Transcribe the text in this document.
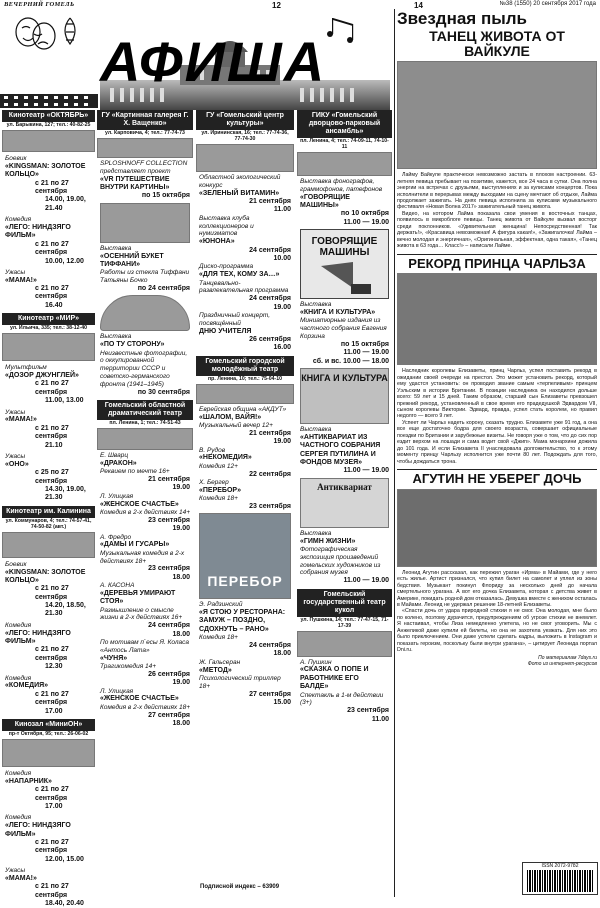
ВЕЧЕРНИЙ ГОМЕЛЬ	12	14	№38 (1550) 20 сентября 2017 года
АФИША
Кинотеатр «ОКТЯБРЬ»
ул. Барыкина, 127; тел.: 40-82-25
Боевик
«KINGSMAN: ЗОЛОТОЕ КОЛЬЦО»
с 21 по 27 сентября
14.00, 19.00, 21.40
Комедия
«ЛЕГО: НИНДЗЯГО ФИЛЬМ»
с 21 по 27 сентября
10.00, 12.00
Ужасы
«МАМА!»
с 21 по 27 сентября
16.40
Кинотеатр «МИР»
ул. Ильича, 335; тел.: 38-12-40
Мультфильм
«ДОЗОР ДЖУНГЛЕЙ»
с 21 по 27 сентября
11.00, 13.00
Ужасы
«МАМА!»
с 21 по 27 сентября
21.10
Ужасы
«ОНО»
с 25 по 27 сентября
14.30, 19.00, 21.30
Кинотеатр им. Калинина
ул. Коммунаров, 4; тел.: 74-57-41, 74-50-82 (авт.)
Боевик
«KINGSMAN: ЗОЛОТОЕ КОЛЬЦО»
с 21 по 27 сентября
14.20, 18.50, 21.30
Комедия
«ЛЕГО: НИНДЗЯГО ФИЛЬМ»
с 21 по 27 сентября
12.30
Комедия
«КОМЕДИЯ»
с 21 по 27 сентября
17.00
Кинозал «МиниОН»
пр-т Октября, 95; тел.: 26-06-02
Комедия
«НАПАРНИК»
с 21 по 27 сентября
17.00
Комедия
«ЛЕГО: НИНДЗЯГО ФИЛЬМ»
с 21 по 27 сентября
12.00, 15.00
Ужасы
«МАМА!»
с 21 по 27 сентября
18.40, 20.40
ГУ «Картинная галерея Г. Х. Ващенко»
ул. Карповича, 4; тел.: 77-74-73
SPLOSHNOFF COLLECTION
представляет проект
«VR ПУТЕШЕСТВИЕ ВНУТРИ КАРТИНЫ»
по 15 октября
Выставка
«ОСЕННИЙ БУКЕТ ТИФФАНИ»
Работы из стекла Тиффани Татьяны Бочко
по 24 сентября
Выставка
«ПО ТУ СТОРОНУ»
Неизвестные фотографии, о оккупированной территории СССР и советско-германского фронта (1941–1945)
по 30 сентября
Гомельский областной драматический театр
пл. Ленина, 1; тел.: 74-51-43
Е. Шварц
«ДРАКОН»
Реквием по мечте 16+
21 сентября
19.00
Л. Улицкая
«ЖЕНСКОЕ СЧАСТЬЕ»
Комедия в 2-х действиях 14+
23 сентября
19.00
А. Фредро
«ДАМЫ И ГУСАРЫ»
Музыкальная комедия в 2-х действиях 18+
23 сентября
18.00
А. КАСОНА
«ДЕРЕВЬЯ УМИРАЮТ СТОЯ»
Размышление о смысле жизни в 2-х действиях 16+
24 сентября
18.00
По мотивам п`есы Я. Коласа «Антось Лата»
«ЧУНЯ»
Трагикомедия 14+
26 сентября
19.00
Л. Улицкая
«ЖЕНСКОЕ СЧАСТЬЕ»
Комедия в 2-х действиях 18+
27 сентября
18.00
ГУ «Гомельский центр культуры»
ул. Ирининская, 16; тел.: 77-74-36, 77-74-30
Областной экологический конкурс
«ЗЕЛЕНЫЙ ВИТАМИН»
21 сентября
11.00
Выставка клуба коллекционеров и нумизматов
«ЮНОНА»
24 сентября
10.00
Диско-программа
«ДЛЯ ТЕХ, КОМУ ЗА…»
Танцевально-развлекательная программа
24 сентября
19.00
Праздничный концерт, посвящённый
ДНЮ УЧИТЕЛЯ
26 сентября
16.00
Гомельский городской молодёжный театр
пр. Ленина, 10; тел.: 75-04-10
Еврейская община «АКДУТ»
«ШАЛОМ, ВАЙЯ!»
Музыкальный вечер 12+
21 сентября
19.00
В. Рудов
«НЕКОМЕДИЯ»
Комедия 12+
22 сентября
Х. Бергер
«ПЕРЕБОР»
Комедия 18+
23 сентября
ПЕРЕБОР
Э. Радзинский
«Я СТОЮ У РЕСТОРАНА: ЗАМУЖ – ПОЗДНО, СДОХНУТЬ – РАНО»
Комедия 18+
24 сентября
18.00
Ж. Гальсеран
«МЕТОД»
Психологический триллер 18+
27 сентября
15.00
ГИКУ «Гомельский дворцово-парковый ансамбль»
пл. Ленина, 4; тел.: 74-09-11, 74-10-11
Выставка фонографов, граммофонов, патефонов
«ГОВОРЯЩИЕ МАШИНЫ»
по 10 октября
11.00 — 19.00
ГОВОРЯЩИЕ МАШИНЫ
Выставка
«КНИГА И КУЛЬТУРА»
Миниатюрные издания из частного собрания Евгения Корзина
по 15 октября
11.00 — 19.00
сб. и вс. 10.00 — 18.00
КНИГА И КУЛЬТУРА
Выставка
«АНТИКВАРИАТ ИЗ ЧАСТНОГО СОБРАНИЯ СЕРГЕЯ ПУТИЛИНА И ФОНДОВ МУЗЕЯ»
11.00 — 19.00
Антиквариат
Выставка
«ГИМН ЖИЗНИ»
Фотографическая экспозиция произведений гомельских художников из собрания музея
11.00 — 19.00
Гомельский государственный театр кукол
ул. Пушкина, 14; тел.: 77-47-15, 71-17-39
А. Пушкин
«СКАЗКА О ПОПЕ И РАБОТНИКЕ ЕГО БАЛДЕ»
Спектакль в 1-м действии (3+)
23 сентября
11.00
Звездная пыль
ТАНЕЦ ЖИВОТА ОТ ВАЙКУЛЕ
Лайму Вайкуле практически невозможно застать в плохом настроении. 63-летняя певица пребывает на позитиве, кажется, все 24 часа в сутки. Она полна энергии на встречах с друзьями, выступлениях и за кулисами концертов. Пока исполнители в перерывах между выходами на сцену мечтают об отдыхе, Лайма продолжает зажигать. На днях певица исполнила за кулисами музыкального фестиваля «Новая Волна 2017» зажигательный танец живота.
Видео, на котором Лайма показала свои умения в восточных танцах, появилось в микроблоге певицы. Танец живота от Вайкуле вызвал восторг среди поклонников. «Удивительная женщина! Непосредственная! Так держать!», «Красавица невозможная! А фигура какая!», «Зажигалочка! Лайма – вечно молодая и энергичная», «Оригинальная, эффектная, одна такая», «Танец живота в 63 года… Класс!» – написали Лайме.
РЕКОРД ПРИНЦА ЧАРЛЬЗА
Наследник королевы Елизаветы, принц Чарльз, успел поставить рекорд в ожидании своей очереди на престол. Это может установить рекорд, который ему удастся установить: он проводил звание самым «терпеливым» принцем Уэльским в истории Британии. В позиции наследника он находился дольше всего: 59 лет и 15 дней. Таким образом, старший сын Елизаветы превзошел прежний рекорд, установленный в свое время его прадедушкой Эдвардом VII, сыном королевы Виктории. Эдвард, правда, успел стать королем, но правил недолго — всего 9 лет.
Успеет ли Чарльз надеть корону, сказать трудно. Елизавете уже 91 год, а она все еще достаточно бодра для своего возраста, совершает официальные поездки по Британии и зарубежные визиты. Не говоря уже о том, что до сих пор ездит верхом на лошади и сама водит свой «Джип». Мама монархини дожила до 101 года. И если Елизавета II унаследовала долгожительство, то к этому моменту принцу Чарльзу исполнится уже почти 80 лет. Подождать для того, чтобы дождаться трона.
АГУТИН НЕ УБЕРЕГ ДОЧЬ
Леонид Агутин рассказал, как пережил ураган «Ирма» в Майами, где у него есть жилье. Артист признался, что купил билет на самолет и уплел из зоны бедствия. Музыкант покинул Флориду за несколько дней до начала смертельного урагана. А вот его дочка Елизавета, которая с детства живет в Америке, покидать родной дом отказалась. Девушка вместе с женихом осталась в Майами. Леонид не удержал решение 18-летней Елизаветы.
«Спасти дочь от удара природной стихии я не смог. Она молодая, мне было по колено, поэтому дурачится, предупреждениям об угрозе стихии не внемлет. Я настаивал, чтобы Лиза немедленно улетела, но не смог уговорить. Мы с Анжеликой даже купили ей билеты, но она не захотела уезжать. Для них это было приключением. Они даже успели сделать кадры, выложить в Instagram и показать героизм, поскольку были внутри урагана», – цитирует Леонида портал Dni.ru.
По материалам 7days.ru
Фото из интернет-ресурсов
ISSN 2072-9782
Подписной индекс – 63909
